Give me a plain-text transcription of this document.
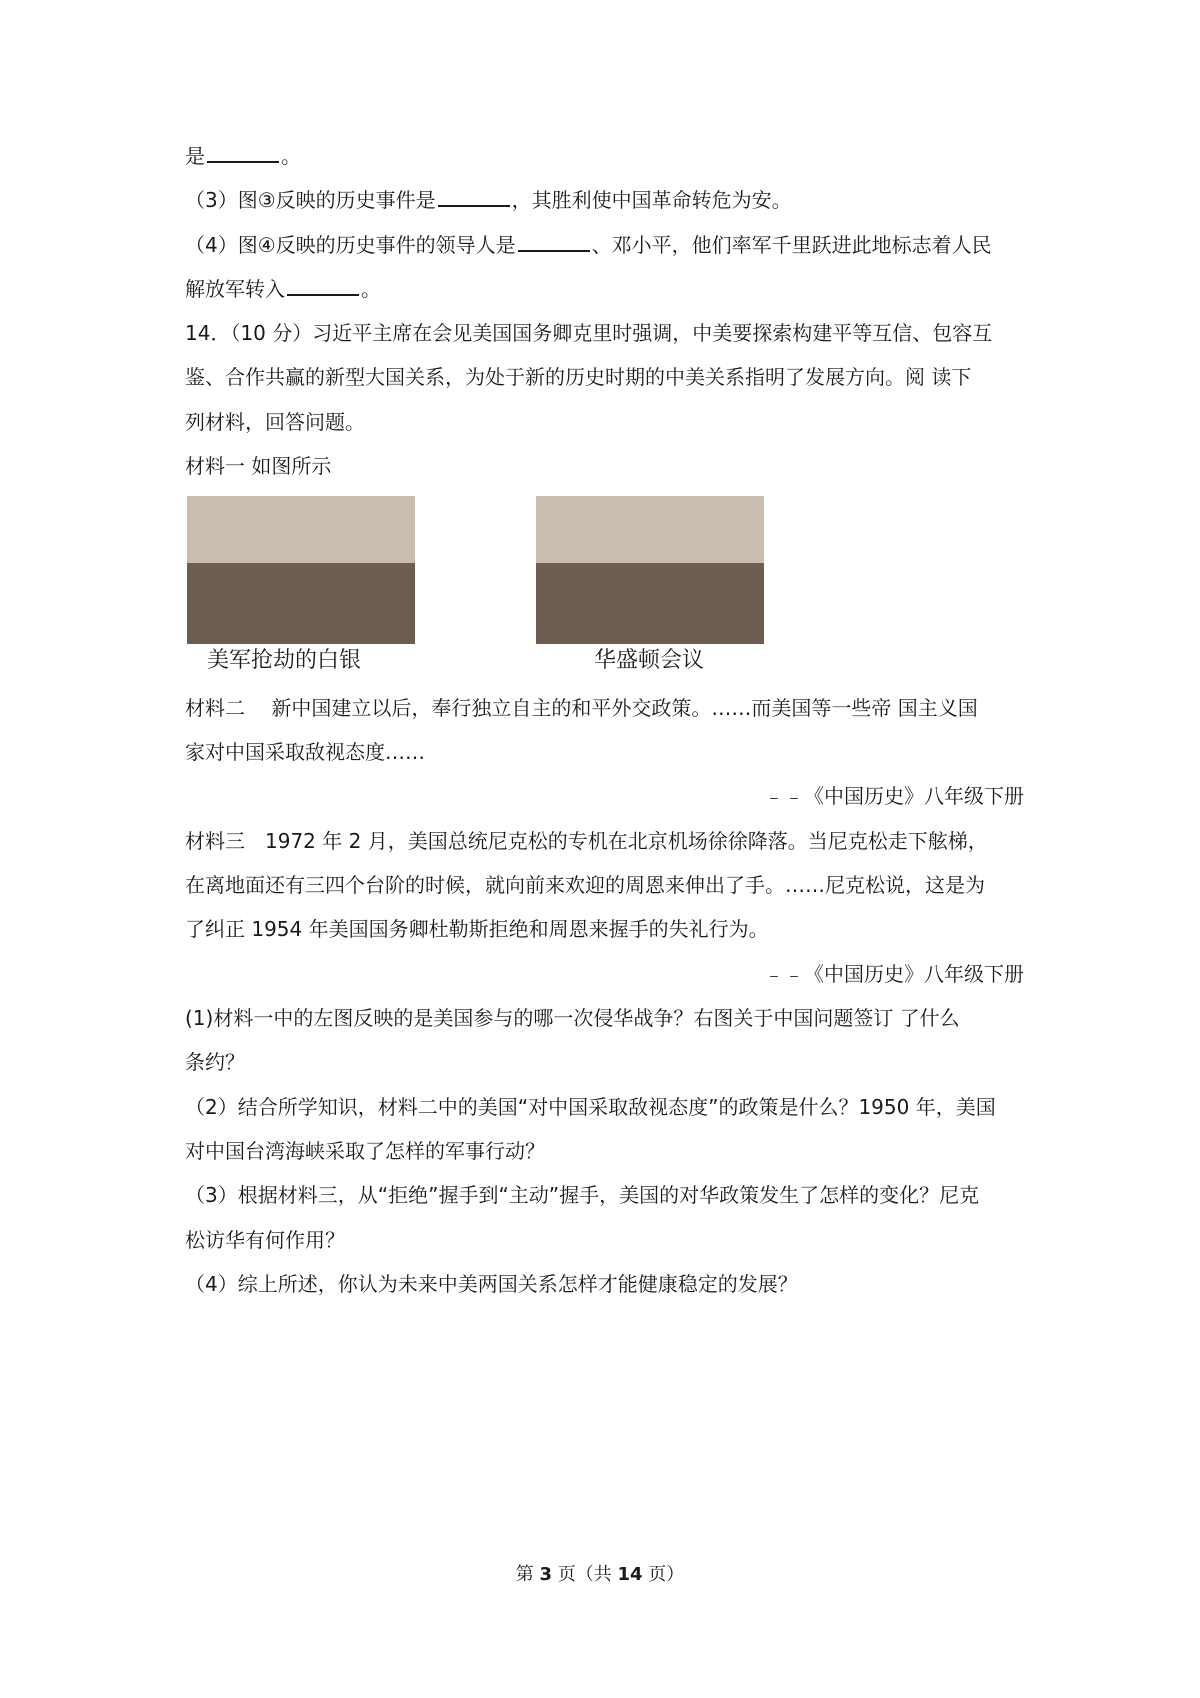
是	。
（3）图③反映的历史事件是	，其胜利使中国革命转危为安。
（4）图④反映的历史事件的领导人是	、邓小平，他们率军千里跃进此地标志着人民
解放军转入	。
14．（10 分）习近平主席在会见美国国务卿克里时强调，中美要探索构建平等互信、包容互
鉴、合作共赢的新型大国关系，为处于新的历史时期的中美关系指明了发展方向。阅 读下
列材料，回答问题。
材料一 如图所示
美军抢劫的白银	华盛顿会议
材料二　 新中国建立以后，奉行独立自主的和平外交政策。……而美国等一些帝 国主义国
家对中国采取敌视态度……
﹣﹣《中国历史》八年级下册
材料三　1972 年 2 月，美国总统尼克松的专机在北京机场徐徐降落。当尼克松走下舷梯，
在离地面还有三四个台阶的时候，就向前来欢迎的周恩来伸出了手。……尼克松说，这是为
了纠正 1954 年美国国务卿杜勒斯拒绝和周恩来握手的失礼行为。
﹣﹣《中国历史》八年级下册
(1)材料一中的左图反映的是美国参与的哪一次侵华战争？右图关于中国问题签订 了什么
条约？
（2）结合所学知识，材料二中的美国“对中国采取敌视态度”的政策是什么？1950 年，美国
对中国台湾海峡采取了怎样的军事行动？
（3）根据材料三，从“拒绝”握手到“主动”握手，美国的对华政策发生了怎样的变化？尼克
松访华有何作用？
（4）综上所述，你认为未来中美两国关系怎样才能健康稳定的发展？
第 3 页（共 14 页）
